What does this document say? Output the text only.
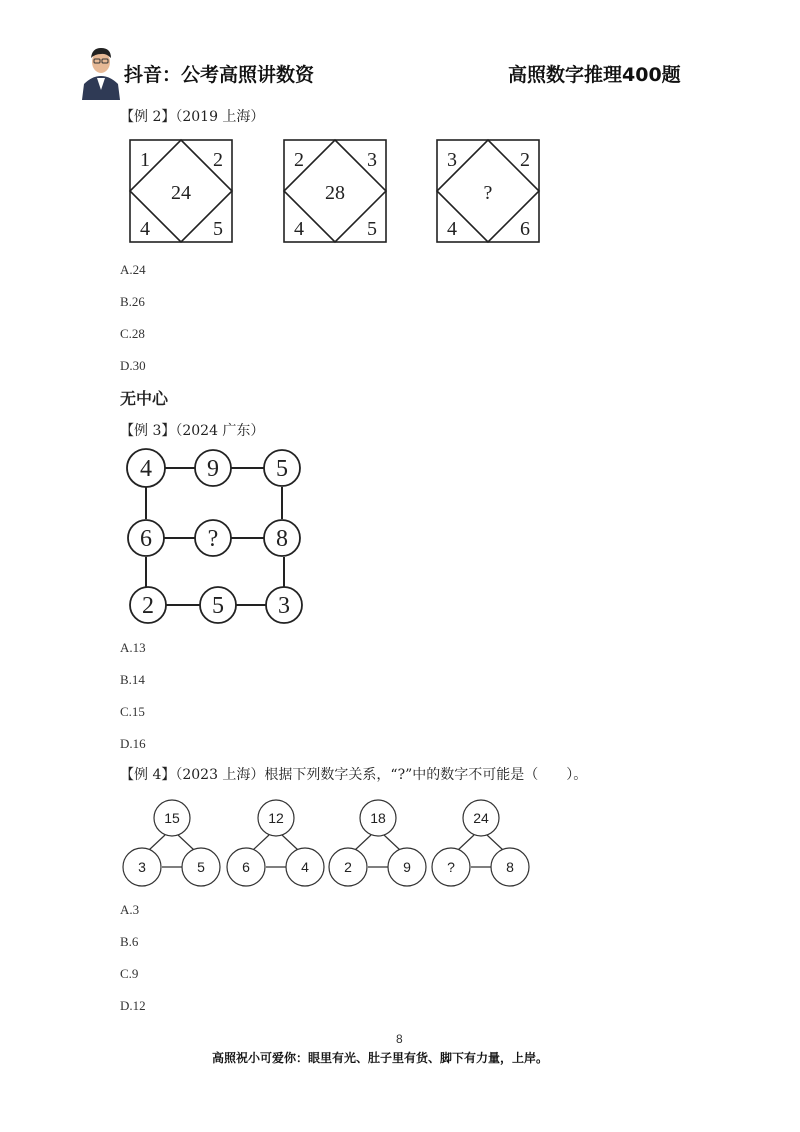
抖音：公考高照讲数资	高照数字推理400题
【例 2】（2019 上海）
1	2
24
4	5
2	3
28
4	5
3	2
?
4	6
A.24
B.26
C.28
D.30
无中心
【例 3】（2024 广东）
4 9 5
6 ? 8
2 5 3
A.13
B.14
C.15
D.16
【例 4】（2023 上海）根据下列数字关系，“?”中的数字不可能是（　　）。
15
3	5
12
6	4
18
2	9
24
?	8
A.3
B.6
C.9
D.12
8
高照祝小可爱你：眼里有光、肚子里有货、脚下有力量，上岸。
